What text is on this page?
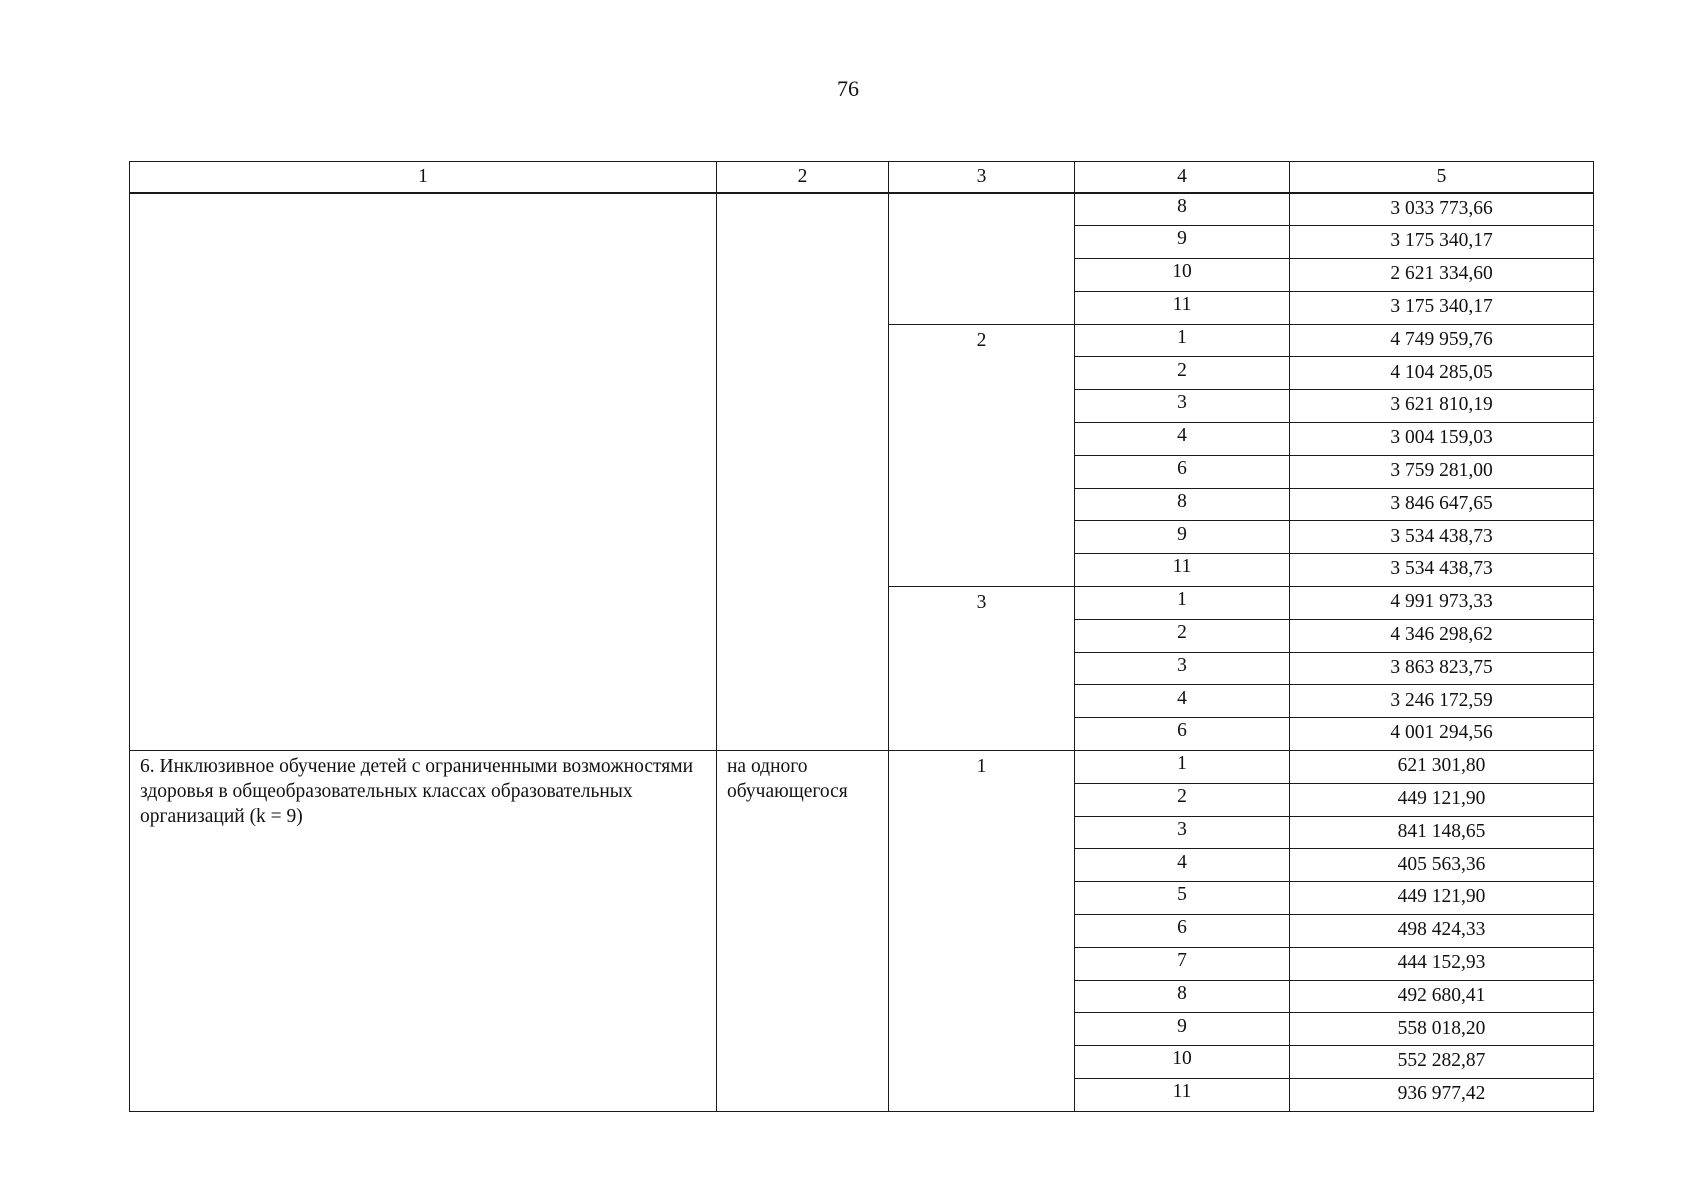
76
1	2	3	4	5
			8	3 033 773,66
			9	3 175 340,17
			10	2 621 334,60
			11	3 175 340,17
		2	1	4 749 959,76
			2	4 104 285,05
			3	3 621 810,19
			4	3 004 159,03
			6	3 759 281,00
			8	3 846 647,65
			9	3 534 438,73
			11	3 534 438,73
		3	1	4 991 973,33
			2	4 346 298,62
			3	3 863 823,75
			4	3 246 172,59
			6	4 001 294,56
6. Инклюзивное обучение детей с ограниченными возможностями здоровья в общеобразовательных классах образовательных организаций (k = 9)	на одного обучающегося	1	1	621 301,80
			2	449 121,90
			3	841 148,65
			4	405 563,36
			5	449 121,90
			6	498 424,33
			7	444 152,93
			8	492 680,41
			9	558 018,20
			10	552 282,87
			11	936 977,42
